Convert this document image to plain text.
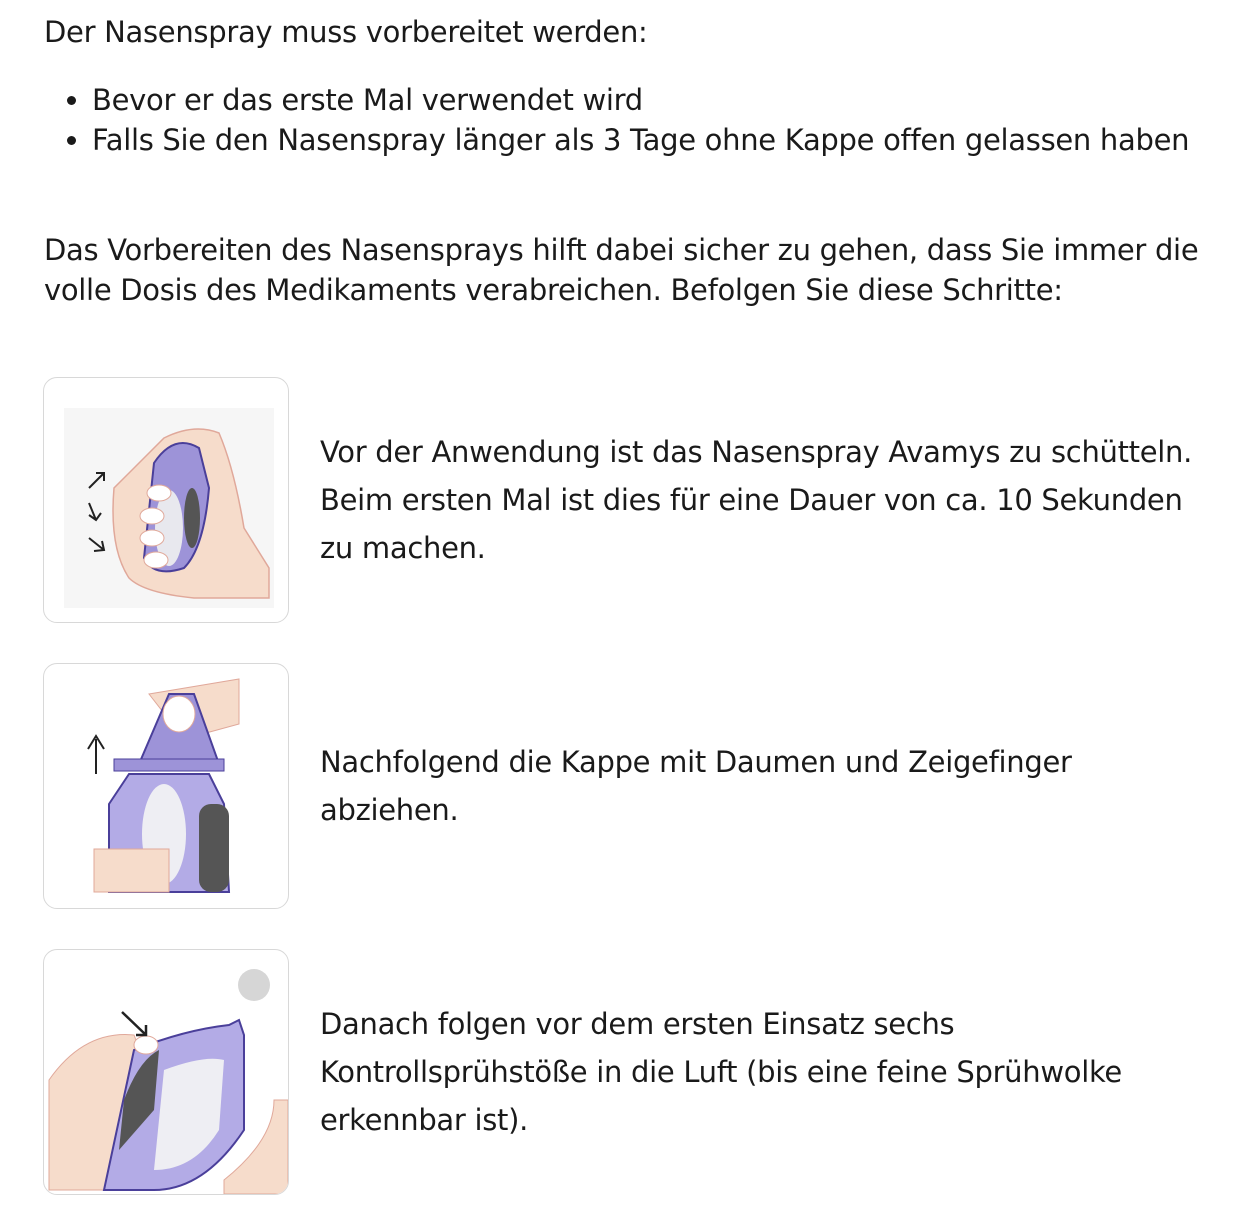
Der Nasenspray muss vorbereitet werden:
• Bevor er das erste Mal verwendet wird
• Falls Sie den Nasenspray länger als 3 Tage ohne Kappe offen gelassen haben
Das Vorbereiten des Nasensprays hilft dabei sicher zu gehen, dass Sie immer die volle Dosis des Medikaments verabreichen. Befolgen Sie diese Schritte:
Vor der Anwendung ist das Nasenspray Avamys zu schütteln. Beim ersten Mal ist dies für eine Dauer von ca. 10 Sekunden zu machen.
Nachfolgend die Kappe mit Daumen und Zeigefinger abziehen.
Danach folgen vor dem ersten Einsatz sechs Kontrollsprühstöße in die Luft (bis eine feine Sprühwolke erkennbar ist).
